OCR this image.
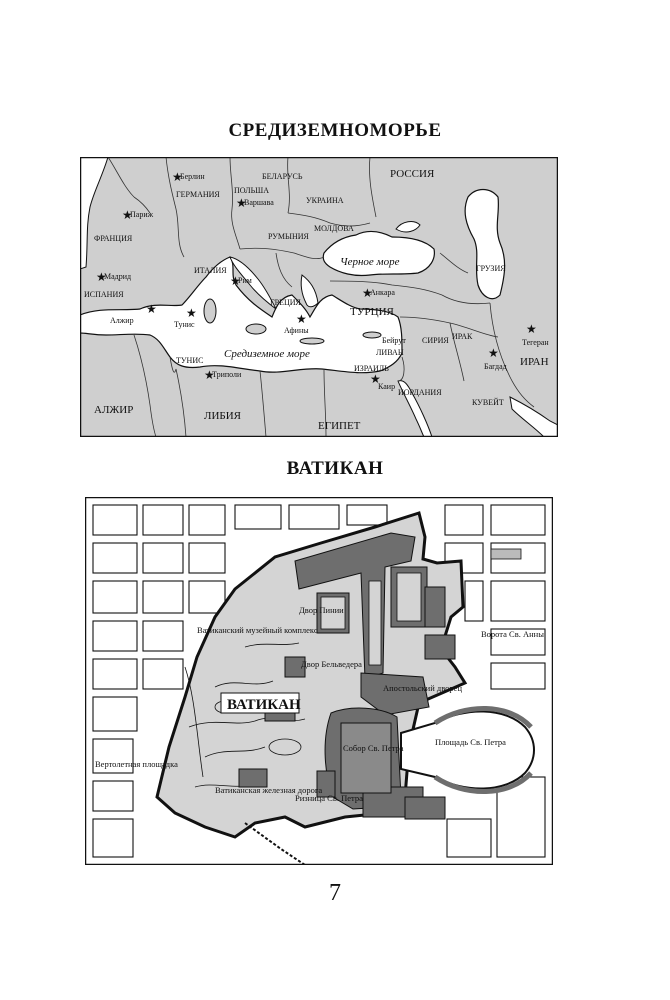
СРЕДИЗЕМНОМОРЬЕ
РОССИЯ
БЕЛАРУСЬ
ПОЛЬША
ГЕРМАНИЯ
УКРАИНА
МОЛДОВА
РУМЫНИЯ
ФРАНЦИЯ
ИТАЛИЯ
ИСПАНИЯ
ГРЕЦИЯ
ТУРЦИЯ
ГРУЗИЯ
СИРИЯ ИРАК
ИРАН
ТУНИС
АЛЖИР	ЛИБИЯ
ЕГИПЕТ
ИОРДАНИЯ
ИЗРАИЛЬ
КУВЕЙТ
ЛИВАН
Черное море
Средиземное море
★
★
★
★
★
★ ★
★
★
★
★
★
★
Берлин
Варшава
Париж
Рим
Мадрид
Алжир	Тунис
Триполи
Анкара
Багдад
Тегеран
Афины
Каир
Бейрут
ВАТИКАН
Ватиканский музейный комплекс
Двор Пинии
Двор Бельведера
Апостольский дворец
Ворота Св. Анны
Собор Св. Петра
Площадь Св. Петра
Ризница Св. Петра
Ватиканская железная дорога
Вертолетная площадка
ВАТИКАН
7
